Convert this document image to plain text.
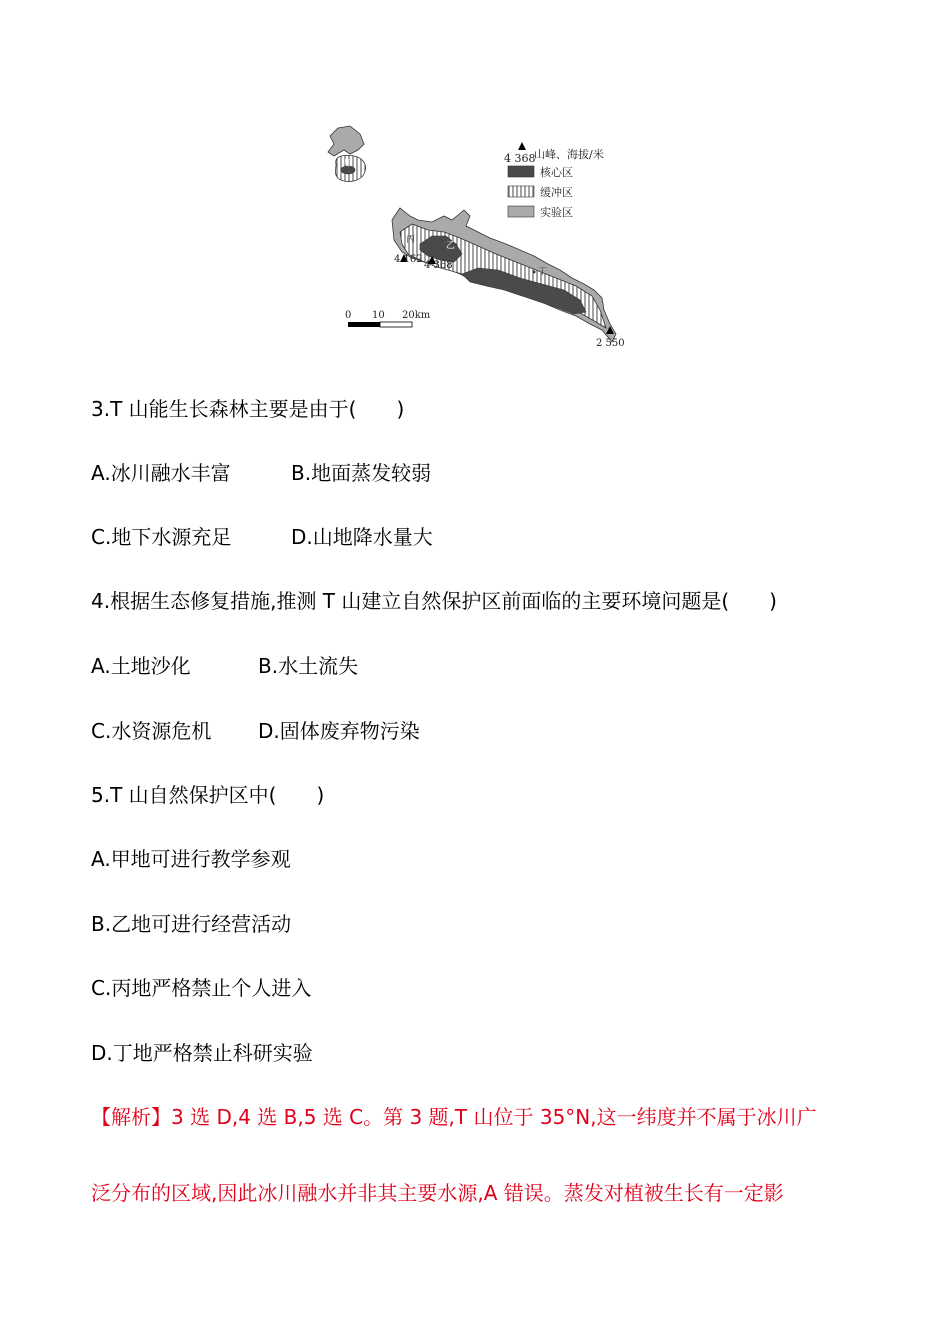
甲
乙
丙
丁
4 162
4 368
2 550
4 368
山峰、海拔/米
核心区
缓冲区
实验区
0 10 20km
3.T 山能生长森林主要是由于(　　)
A.冰川融水丰富	B.地面蒸发较弱
C.地下水源充足	D.山地降水量大
4.根据生态修复措施,推测 T 山建立自然保护区前面临的主要环境问题是(　　)
A.土地沙化	B.水土流失
C.水资源危机 D.固体废弃物污染
5.T 山自然保护区中(　　)
A.甲地可进行教学参观
B.乙地可进行经营活动
C.丙地严格禁止个人进入
D.丁地严格禁止科研实验
【解析】3 选 D,4 选 B,5 选 C。第 3 题,T 山位于 35°N,这一纬度并不属于冰川广
泛分布的区域,因此冰川融水并非其主要水源,A 错误。蒸发对植被生长有一定影
